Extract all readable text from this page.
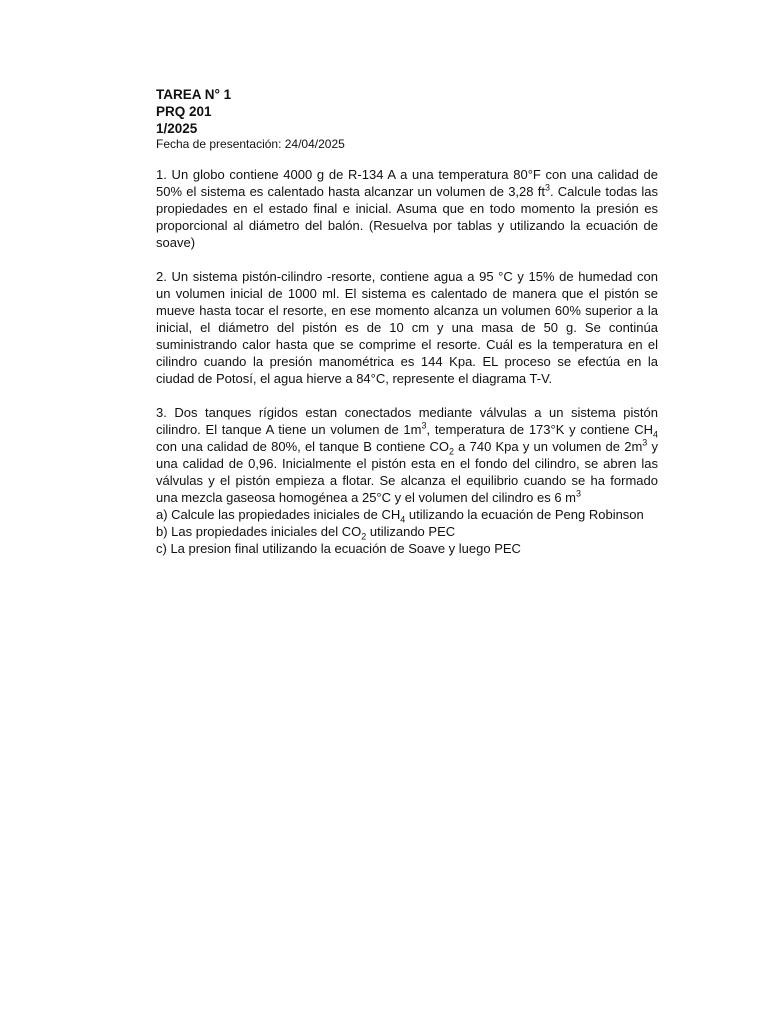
TAREA N° 1

PRQ 201

1/2025

Fecha de presentación: 24/04/2025

1. Un globo contiene 4000 g de R-134 A a una temperatura 80°F con una calidad de 50% el sistema es calentado hasta alcanzar un volumen de 3,28 $ft^3$. Calcule todas las propiedades en el estado final e inicial. Asuma que en todo momento la presión es proporcional al diámetro del balón. (Resuelva por tablas y utilizando la ecuación de soave)

2. Un sistema pistón-cilindro -resorte, contiene agua a 95 °C y 15% de humedad con un volumen inicial de 1000 ml. El sistema es calentado de manera que el pistón se mueve hasta tocar el resorte, en ese momento alcanza un volumen 60% superior a la inicial, el diámetro del pistón es de 10 cm y una masa de 50 g. Se continúa suministrando calor hasta que se comprime el resorte. Cuál es la temperatura en el cilindro cuando la presión manométrica es 144 Kpa. EL proceso se efectúa en la ciudad de Potosí, el agua hierve a 84°C, represente el diagrama T-V.

3. Dos tanques rígidos estan conectados mediante válvulas a un sistema pistón cilindro. El tanque A tiene un volumen de $1m^3$, temperatura de 173°K y contiene $CH_4$ con una calidad de 80%, el tanque B contiene $CO_2$ a 740 Kpa y un volumen de $2m^3$ y una calidad de 0,96. Inicialmente el pistón esta en el fondo del cilindro, se abren las válvulas y el pistón empieza a flotar. Se alcanza el equilibrio cuando se ha formado una mezcla gaseosa homogénea a 25°C y el volumen del cilindro es 6 $m^3$

a) Calcule las propiedades iniciales de $CH_4$ utilizando la ecuación de Peng Robinson

b) Las propiedades iniciales del $CO_2$ utilizando PEC

c) La presion final utilizando la ecuación de Soave y luego PEC
